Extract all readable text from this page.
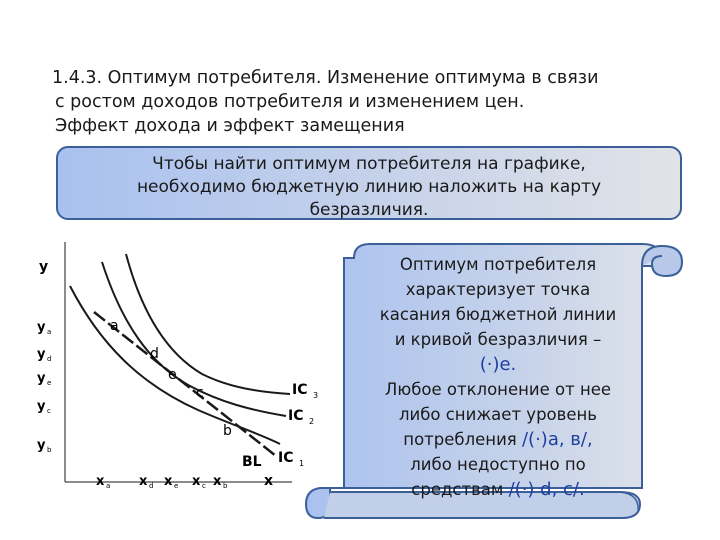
1.4.3. Оптимум потребителя. Изменение оптимума в связи
с ростом доходов потребителя и изменением цен.
Эффект дохода и эффект замещения
Чтобы найти оптимум потребителя на графике,
необходимо бюджетную линию наложить на карту
безразличия.
Оптимум потребителя
характеризует точка
касания бюджетной линии
и кривой безразличия –
(·)е.
Любое отклонение от нее
либо снижает уровень
потребления /(·)а, в/,
либо недоступно по
средствам /(·) d, с/.
y
x
y a
y d
y e
y c
y b
x a x d x e x c x b
a
d
e
c
b
IC 3
IC 2
IC 1
BL
